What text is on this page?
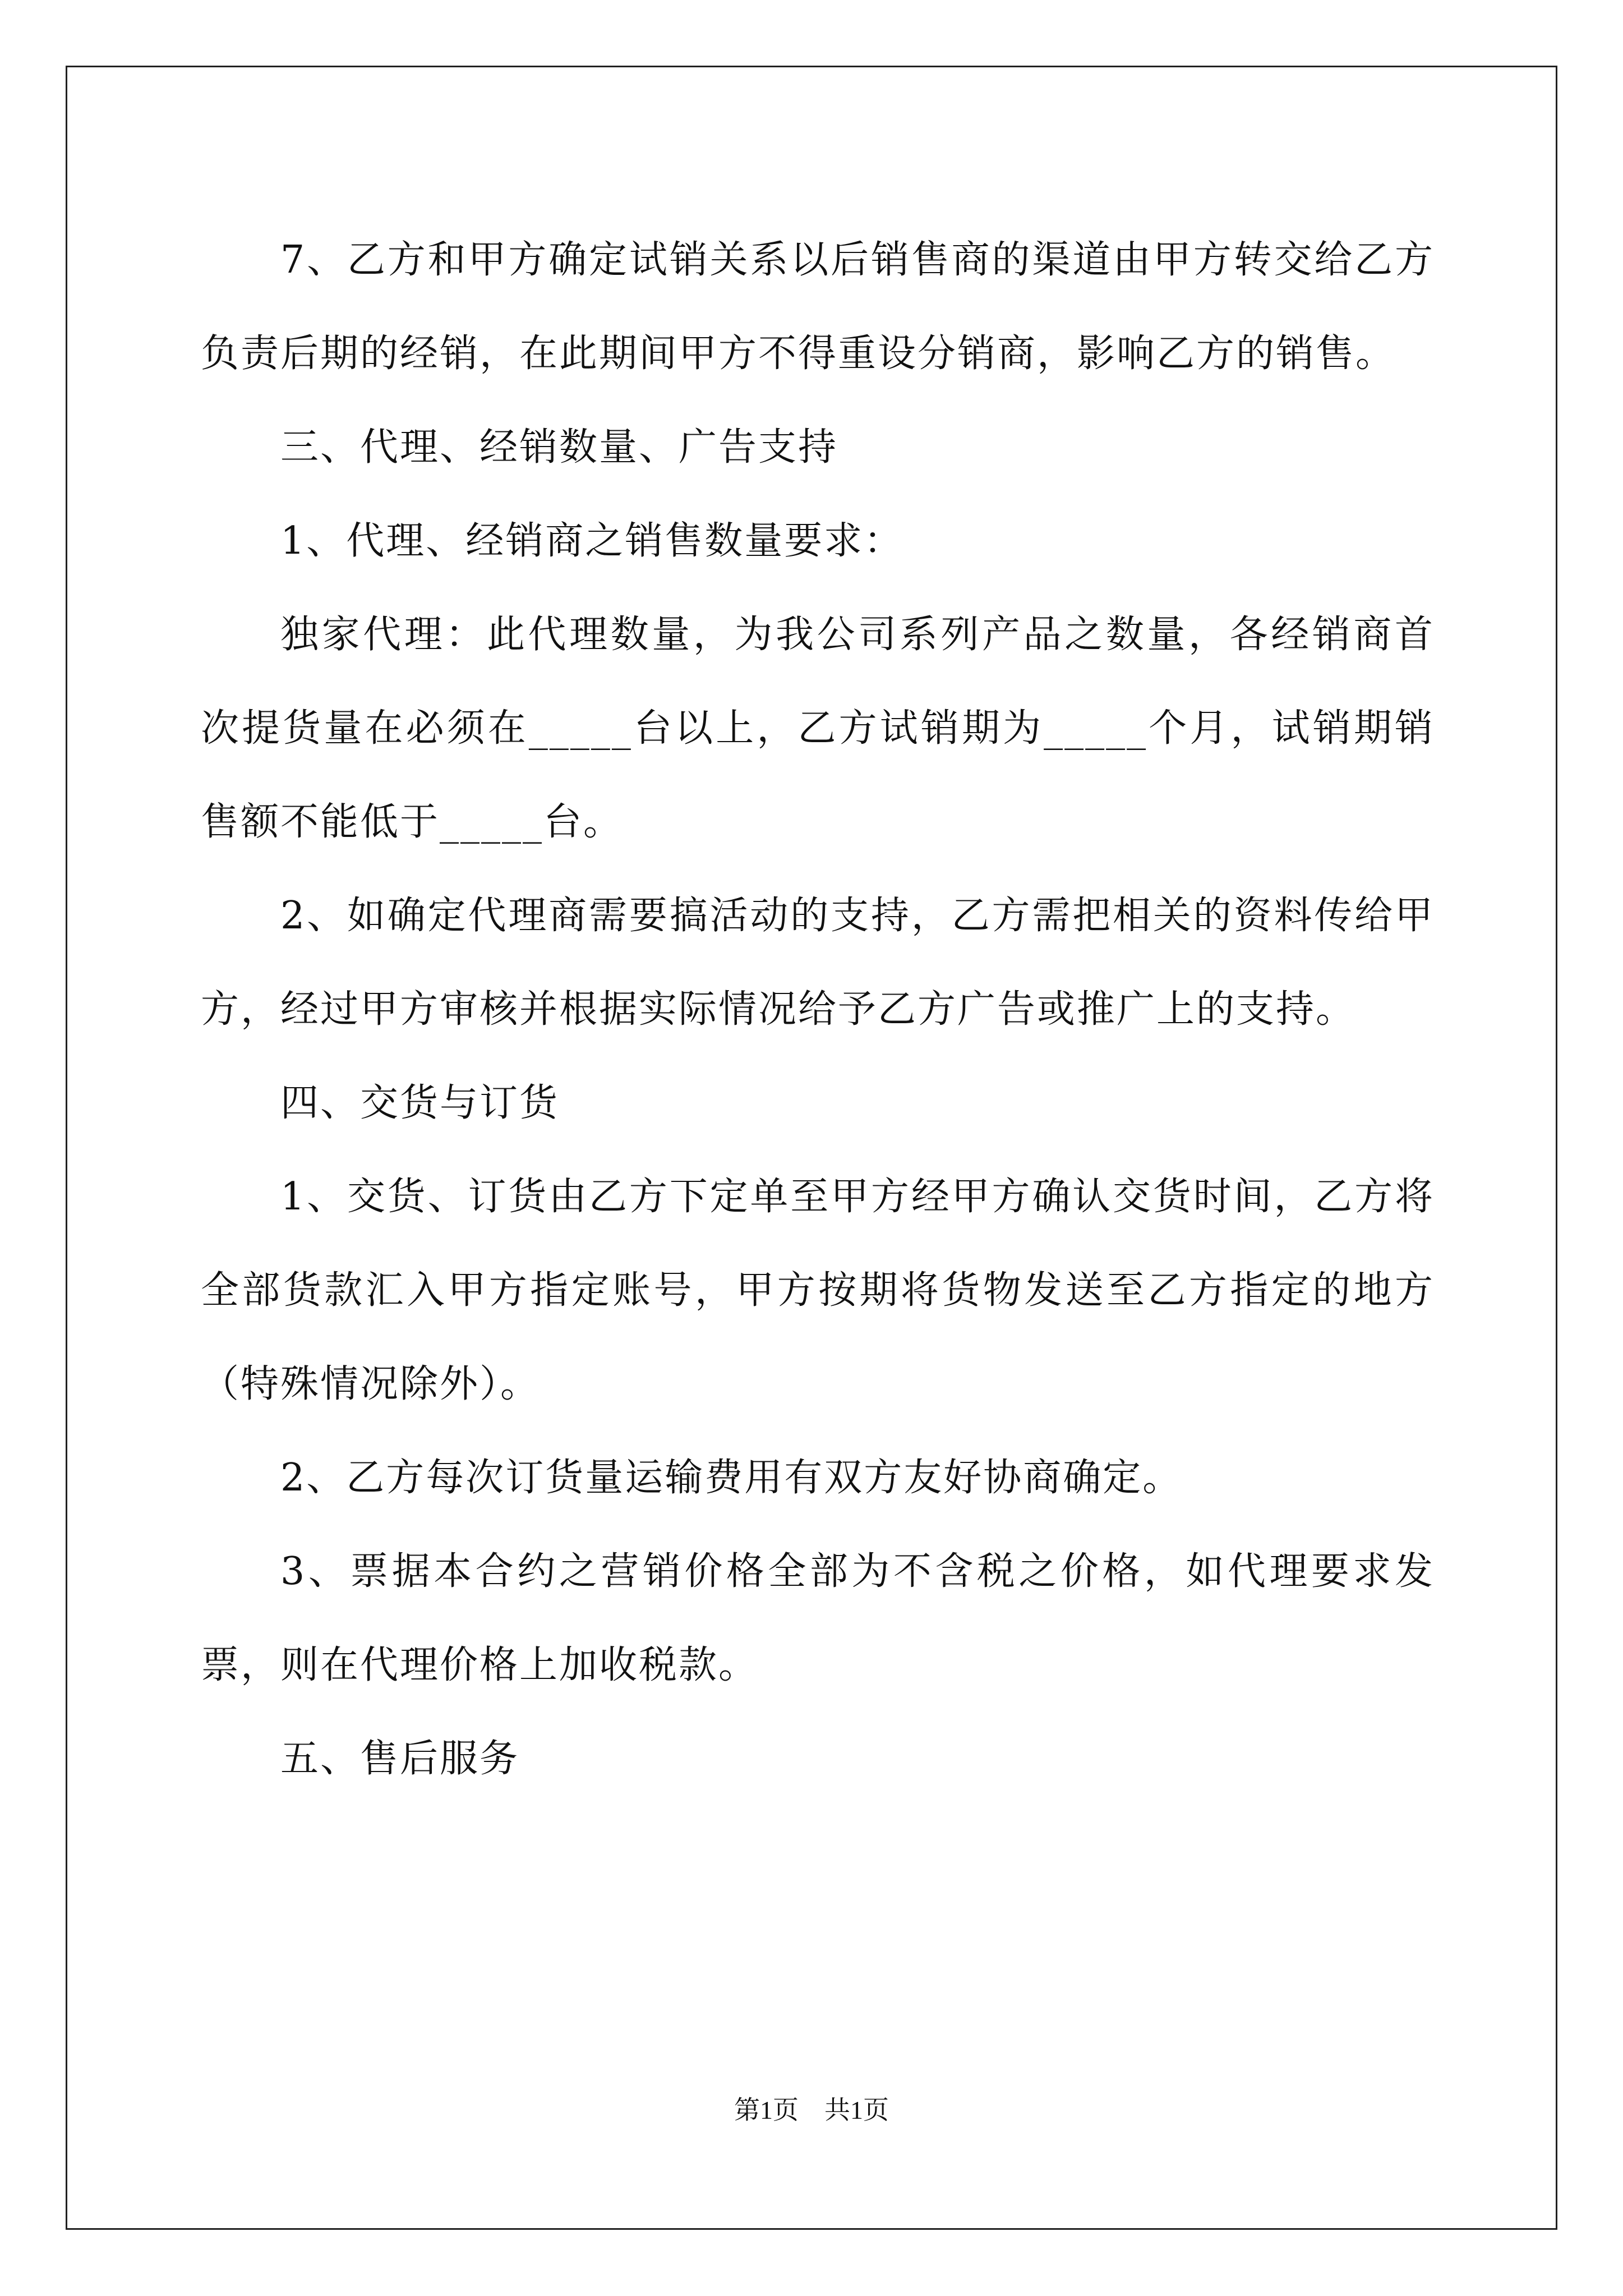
7、乙方和甲方确定试销关系以后销售商的渠道由甲方转交给乙方负责后期的经销，在此期间甲方不得重设分销商，影响乙方的销售。

三、代理、经销数量、广告支持

1、代理、经销商之销售数量要求：

独家代理：此代理数量，为我公司系列产品之数量，各经销商首次提货量在必须在_____台以上，乙方试销期为_____个月，试销期销售额不能低于_____台。

2、如确定代理商需要搞活动的支持，乙方需把相关的资料传给甲方，经过甲方审核并根据实际情况给予乙方广告或推广上的支持。

四、交货与订货

1、交货、订货由乙方下定单至甲方经甲方确认交货时间，乙方将全部货款汇入甲方指定账号，甲方按期将货物发送至乙方指定的地方（特殊情况除外）。

2、乙方每次订货量运输费用有双方友好协商确定。

3、票据本合约之营销价格全部为不含税之价格，如代理要求发票，则在代理价格上加收税款。

五、售后服务

第1页　共1页
